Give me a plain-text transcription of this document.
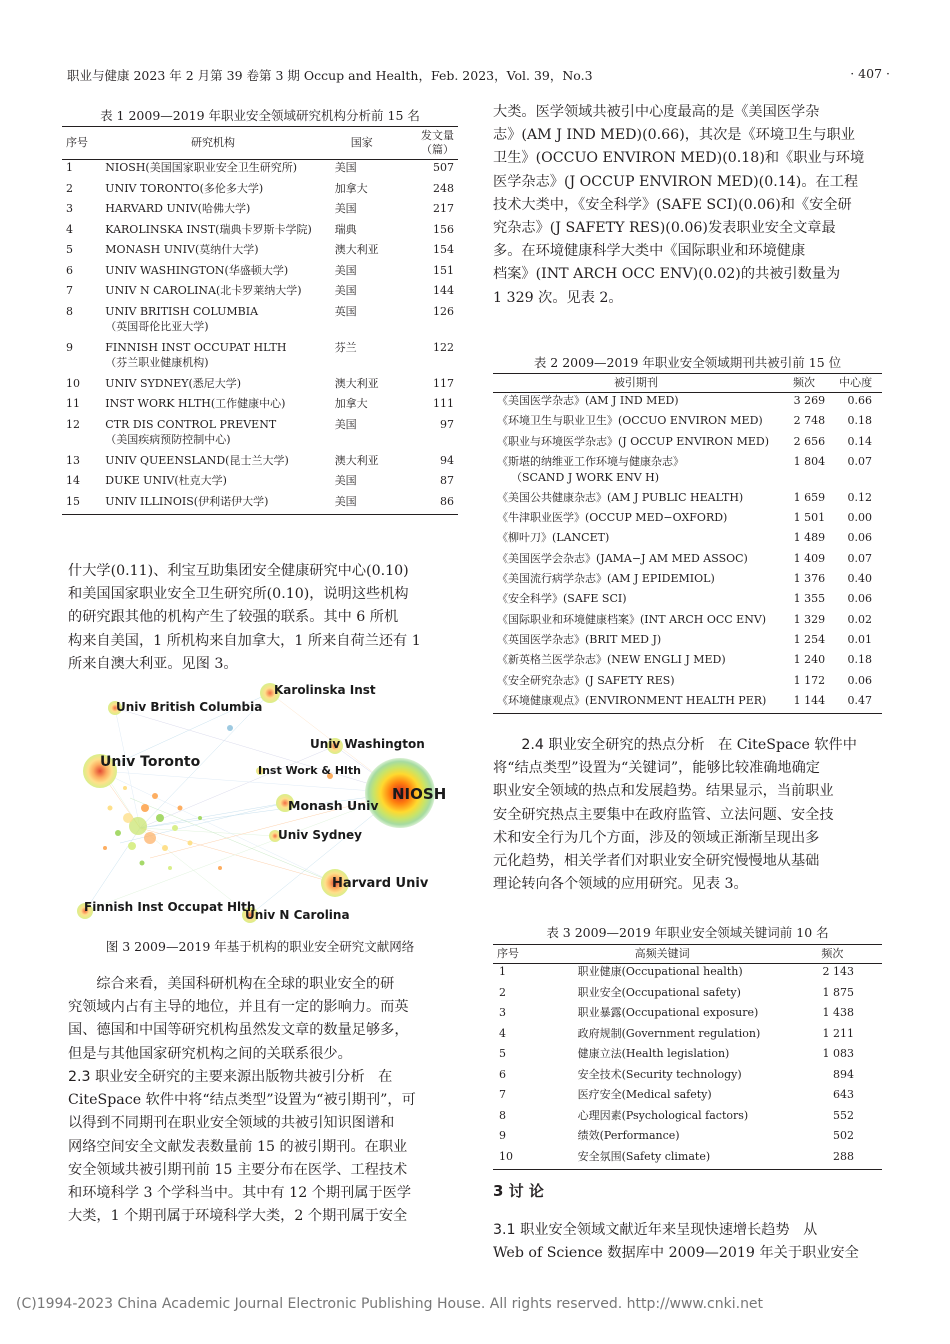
职业与健康 2023 年 2 月第 39 卷第 3 期 Occup and Health，Feb. 2023，Vol. 39，No.3	· 407 ·
表 1 2009—2019 年职业安全领域研究机构分析前 15 名
序号	研究机构	国家	发文量
（篇）
1	NIOSH(美国国家职业安全卫生研究所)	美国	507
2	UNIV TORONTO(多伦多大学)	加拿大	248
3	HARVARD UNIV(哈佛大学)	美国	217
4	KAROLINSKA INST(瑞典卡罗斯卡学院)	瑞典	156
5	MONASH UNIV(莫纳什大学)	澳大利亚	154
6	UNIV WASHINGTON(华盛顿大学)	美国	151
7	UNIV N CAROLINA(北卡罗莱纳大学)	美国	144
8	UNIV BRITISH COLUMBIA
（英国哥伦比亚大学)	英国	126
9	FINNISH INST OCCUPAT HLTH
（芬兰职业健康机构)	芬兰	122
10	UNIV SYDNEY(悉尼大学)	澳大利亚	117
11	INST WORK HLTH(工作健康中心)	加拿大	111
12	CTR DIS CONTROL PREVENT
（美国疾病预防控制中心)	美国	97
13	UNIV QUEENSLAND(昆士兰大学)	澳大利亚	94
14	DUKE UNIV(杜克大学)	美国	87
15	UNIV ILLINOIS(伊利诺伊大学)	美国	86
什大学(0.11)、利宝互助集团安全健康研究中心(0.10)
和美国国家职业安全卫生研究所(0.10)，说明这些机构
的研究跟其他的机构产生了较强的联系。其中 6 所机
构来自美国，1 所机构来自加拿大，1 所来自荷兰还有 1
所来自澳大利亚。见图 3。
NIOSH
Univ Toronto
Harvard Univ
Karolinska Inst
Univ British Columbia
Univ Washington
Inst Work & Hlth
Monash Univ
Univ Sydney
Finnish Inst Occupat Hlth
Univ N Carolina
图 3 2009—2019 年基于机构的职业安全研究文献网络
综合来看，美国科研机构在全球的职业安全的研
究领域内占有主导的地位，并且有一定的影响力。而英
国、德国和中国等研究机构虽然发文章的数量足够多，
但是与其他国家研究机构之间的关联系很少。
2.3 职业安全研究的主要来源出版物共被引分析 在
CiteSpace 软件中将“结点类型”设置为“被引期刊”，可
以得到不同期刊在职业安全领域的共被引知识图谱和
网络空间安全文献发表数量前 15 的被引期刊。在职业
安全领域共被引期刊前 15 主要分布在医学、工程技术
和环境科学 3 个学科当中。其中有 12 个期刊属于医学
大类，1 个期刊属于环境科学大类，2 个期刊属于安全
大类。医学领域共被引中心度最高的是《美国医学杂
志》(AM J IND MED)(0.66)，其次是《环境卫生与职业
卫生》(OCCUO ENVIRON MED)(0.18)和《职业与环境
医学杂志》(J OCCUP ENVIRON MED)(0.14)。在工程
技术大类中，《安全科学》(SAFE SCI)(0.06)和《安全研
究杂志》(J SAFETY RES)(0.06)发表职业安全文章最
多。在环境健康科学大类中《国际职业和环境健康
档案》(INT ARCH OCC ENV)(0.02)的共被引数量为
1 329 次。见表 2。
表 2 2009—2019 年职业安全领域期刊共被引前 15 位
被引期刊	频次	中心度

《美国医学杂志》(AM J IND MED)	3 269	0.66

《环境卫生与职业卫生》(OCCUO ENVIRON MED)	2 748	0.18

《职业与环境医学杂志》(J OCCUP ENVIRON MED)	2 656	0.14

《斯堪的纳维亚工作环境与健康杂志》
（SCAND J WORK ENV H)	1 804	0.07

《美国公共健康杂志》(AM J PUBLIC HEALTH)	1 659	0.12

《牛津职业医学》(OCCUP MED−OXFORD)	1 501	0.00

《柳叶刀》(LANCET)	1 489	0.06

《美国医学会杂志》(JAMA−J AM MED ASSOC)	1 409	0.07

《美国流行病学杂志》(AM J EPIDEMIOL)	1 376	0.40

《安全科学》(SAFE SCI)	1 355	0.06

《国际职业和环境健康档案》(INT ARCH OCC ENV)	1 329	0.02

《英国医学杂志》(BRIT MED J)	1 254	0.01

《新英格兰医学杂志》(NEW ENGLI J MED)	1 240	0.18

《安全研究杂志》(J SAFETY RES)	1 172	0.06

《环境健康观点》(ENVIRONMENT HEALTH PER)	1 144	0.47
2.4 职业安全研究的热点分析 在 CiteSpace 软件中
将“结点类型”设置为“关键词”，能够比较准确地确定
职业安全领域的热点和发展趋势。结果显示，当前职业
安全研究热点主要集中在政府监管、立法问题、安全技
术和安全行为几个方面，涉及的领域正渐渐呈现出多
元化趋势，相关学者们对职业安全研究慢慢地从基础
理论转向各个领域的应用研究。见表 3。
表 3 2009—2019 年职业安全领域关键词前 10 名
序号	高频关键词	频次
1	职业健康(Occupational health)	2 143
2	职业安全(Occupational safety)	1 875
3	职业暴露(Occupational exposure)	1 438
4	政府规制(Government regulation)	1 211
5	健康立法(Health legislation)	1 083
6	安全技术(Security technology)	894
7	医疗安全(Medical safety)	643
8	心理因素(Psychological factors)	552
9	绩效(Performance)	502
10	安全氛围(Safety climate)	288
3 讨 论
3.1 职业安全领域文献近年来呈现快速增长趋势 从
Web of Science 数据库中 2009—2019 年关于职业安全
(C)1994-2023 China Academic Journal Electronic Publishing House. All rights reserved. http://www.cnki.net
